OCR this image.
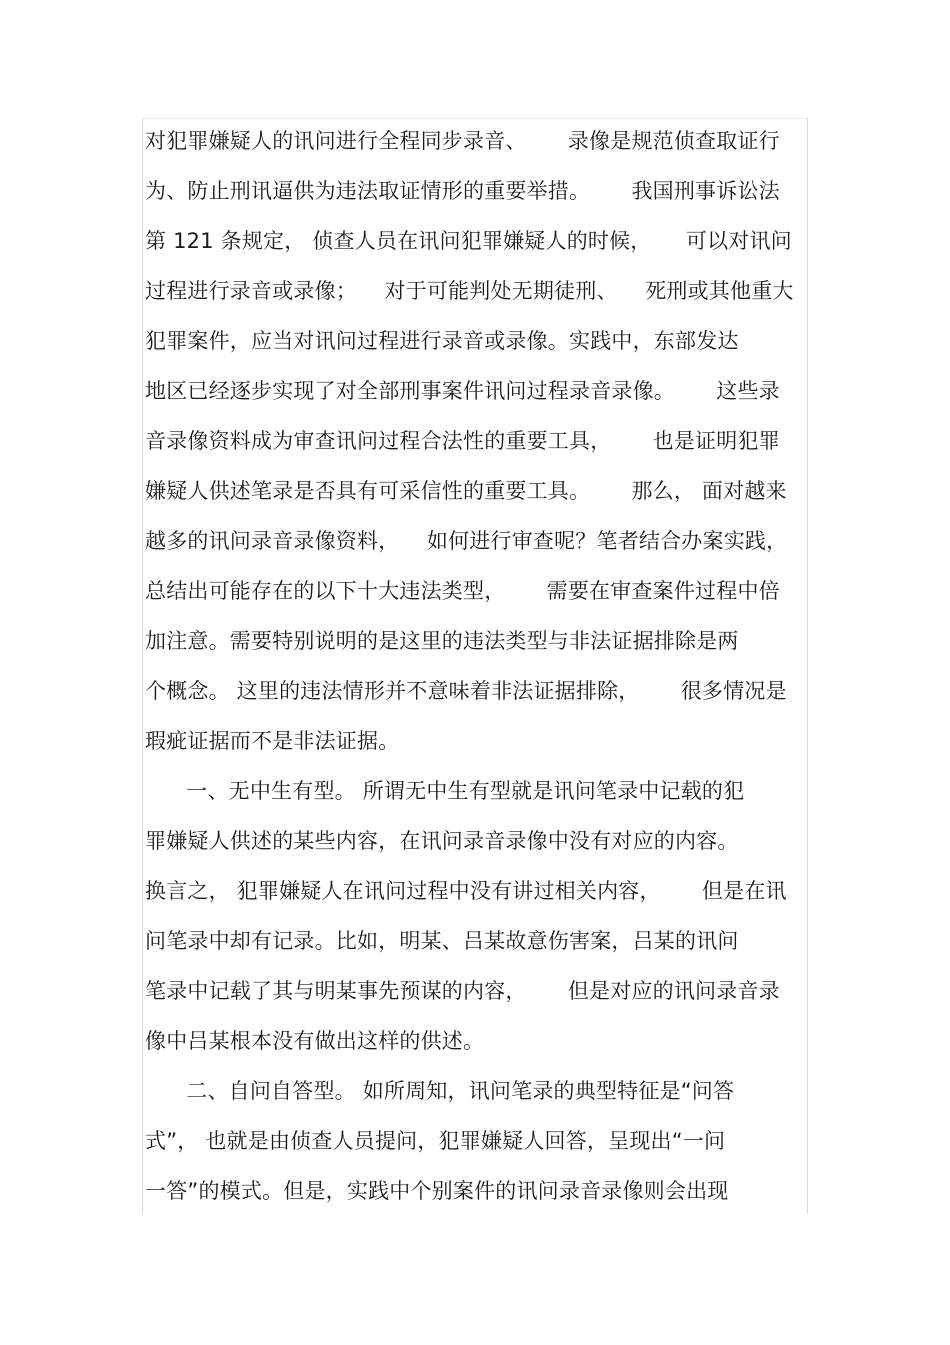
对犯罪嫌疑人的讯问进行全程同步录音、      录像是规范侦查取证行
为、防止刑讯逼供为违法取证情形的重要举措。      我国刑事诉讼法
第 121 条规定， 侦查人员在讯问犯罪嫌疑人的时候，     可以对讯问
过程进行录音或录像；    对于可能判处无期徒刑、    死刑或其他重大
犯罪案件，应当对讯问过程进行录音或录像。实践中，东部发达
地区已经逐步实现了对全部刑事案件讯问过程录音录像。      这些录
音录像资料成为审查讯问过程合法性的重要工具，      也是证明犯罪
嫌疑人供述笔录是否具有可采信性的重要工具。      那么， 面对越来
越多的讯问录音录像资料，    如何进行审查呢？笔者结合办案实践，
总结出可能存在的以下十大违法类型，      需要在审查案件过程中倍
加注意。需要特别说明的是这里的违法类型与非法证据排除是两
个概念。 这里的违法情形并不意味着非法证据排除，      很多情况是
瑕疵证据而不是非法证据。
一、无中生有型。 所谓无中生有型就是讯问笔录中记载的犯
罪嫌疑人供述的某些内容，在讯问录音录像中没有对应的内容。
换言之， 犯罪嫌疑人在讯问过程中没有讲过相关内容，      但是在讯
问笔录中却有记录。比如，明某、吕某故意伤害案，吕某的讯问
笔录中记载了其与明某事先预谋的内容，      但是对应的讯问录音录
像中吕某根本没有做出这样的供述。
二、自问自答型。 如所周知，讯问笔录的典型特征是“问答
式”， 也就是由侦查人员提问，犯罪嫌疑人回答，呈现出“一问
一答”的模式。但是，实践中个别案件的讯问录音录像则会出现
